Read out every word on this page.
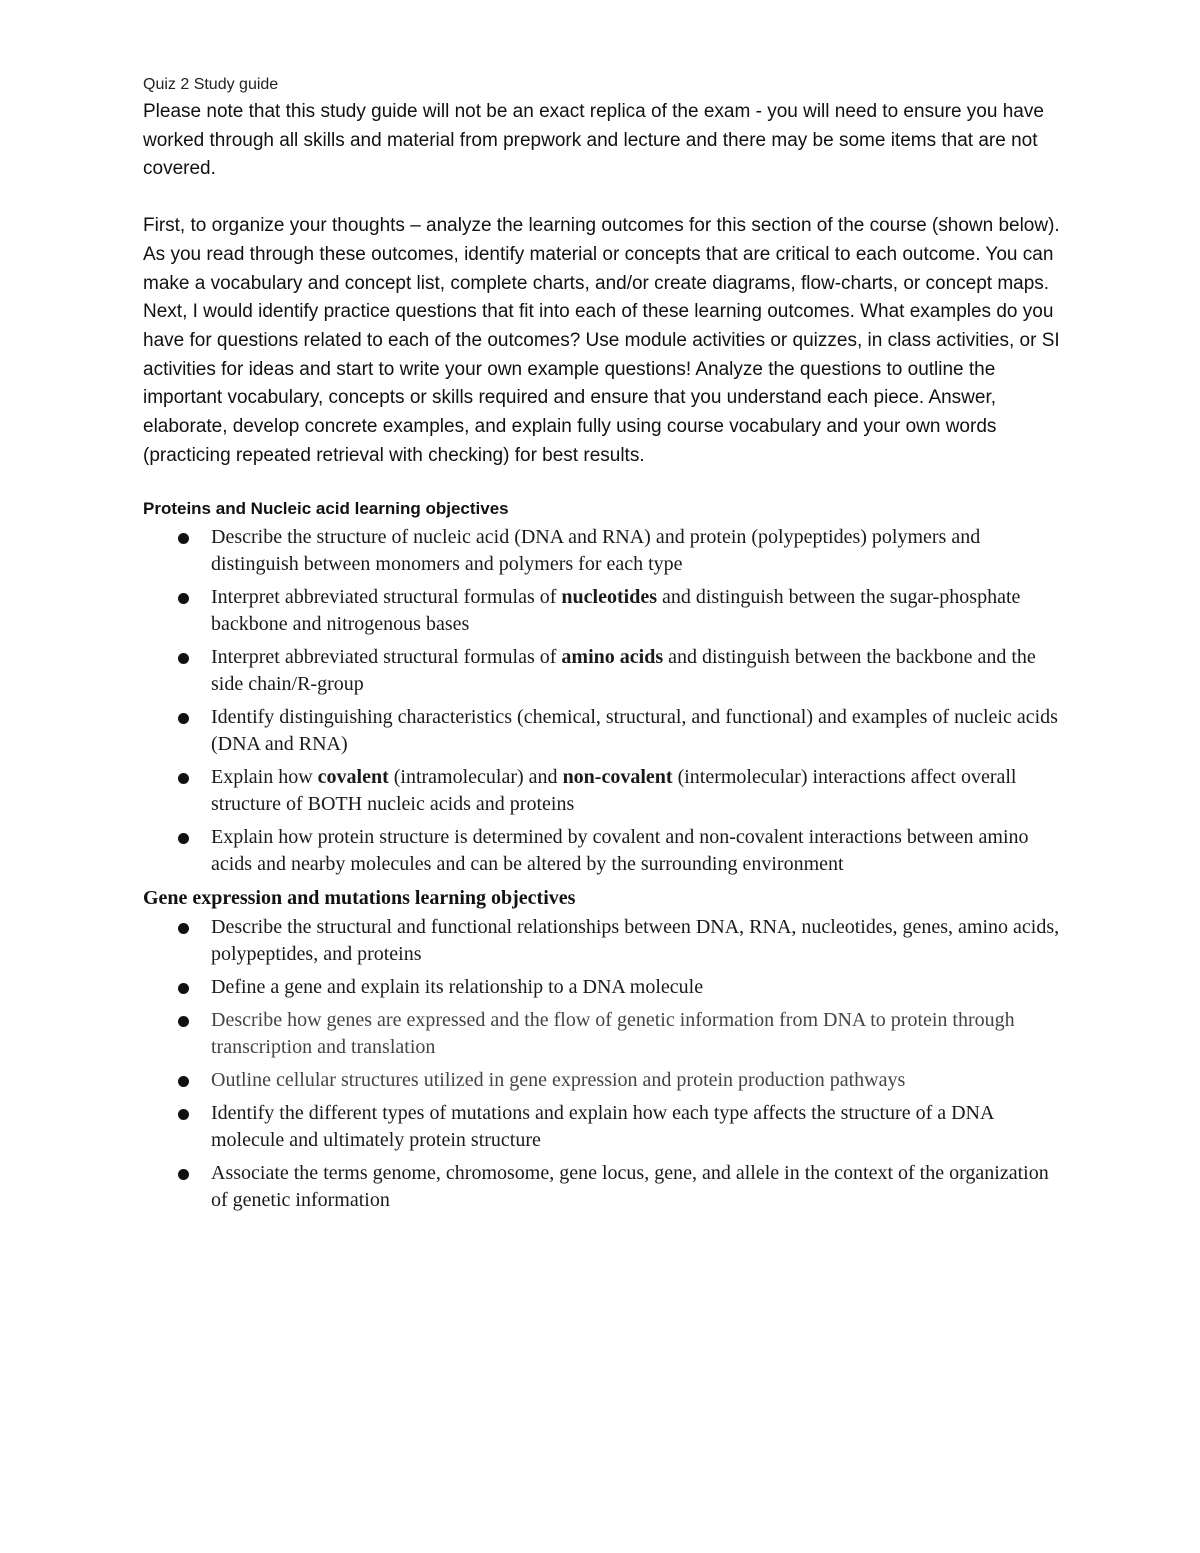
Quiz 2 Study guide

Please note that this study guide will not be an exact replica of the exam - you will need to ensure you have worked through all skills and material from prepwork and lecture and there may be some items that are not covered.

First, to organize your thoughts – analyze the learning outcomes for this section of the course (shown below). As you read through these outcomes, identify material or concepts that are critical to each outcome. You can make a vocabulary and concept list, complete charts, and/or create diagrams, flow-charts, or concept maps.

Next, I would identify practice questions that fit into each of these learning outcomes. What examples do you have for questions related to each of the outcomes? Use module activities or quizzes, in class activities, or SI activities for ideas and start to write your own example questions! Analyze the questions to outline the important vocabulary, concepts or skills required and ensure that you understand each piece. Answer, elaborate, develop concrete examples, and explain fully using course vocabulary and your own words (practicing repeated retrieval with checking) for best results.

Proteins and Nucleic acid learning objectives

Describe the structure of nucleic acid (DNA and RNA) and protein (polypeptides) polymers and distinguish between monomers and polymers for each type
Interpret abbreviated structural formulas of nucleotides and distinguish between the sugar-phosphate backbone and nitrogenous bases
Interpret abbreviated structural formulas of amino acids and distinguish between the backbone and the side chain/R-group
Identify distinguishing characteristics (chemical, structural, and functional) and examples of nucleic acids (DNA and RNA)
Explain how covalent (intramolecular) and non-covalent (intermolecular) interactions affect overall structure of BOTH nucleic acids and proteins
Explain how protein structure is determined by covalent and non-covalent interactions between amino acids and nearby molecules and can be altered by the surrounding environment

Gene expression and mutations learning objectives

Describe the structural and functional relationships between DNA, RNA, nucleotides, genes, amino acids, polypeptides, and proteins
Define a gene and explain its relationship to a DNA molecule
Describe how genes are expressed and the flow of genetic information from DNA to protein through transcription and translation
Outline cellular structures utilized in gene expression and protein production pathways
Identify the different types of mutations and explain how each type affects the structure of a DNA molecule and ultimately protein structure
Associate the terms genome, chromosome, gene locus, gene, and allele in the context of the organization of genetic information
